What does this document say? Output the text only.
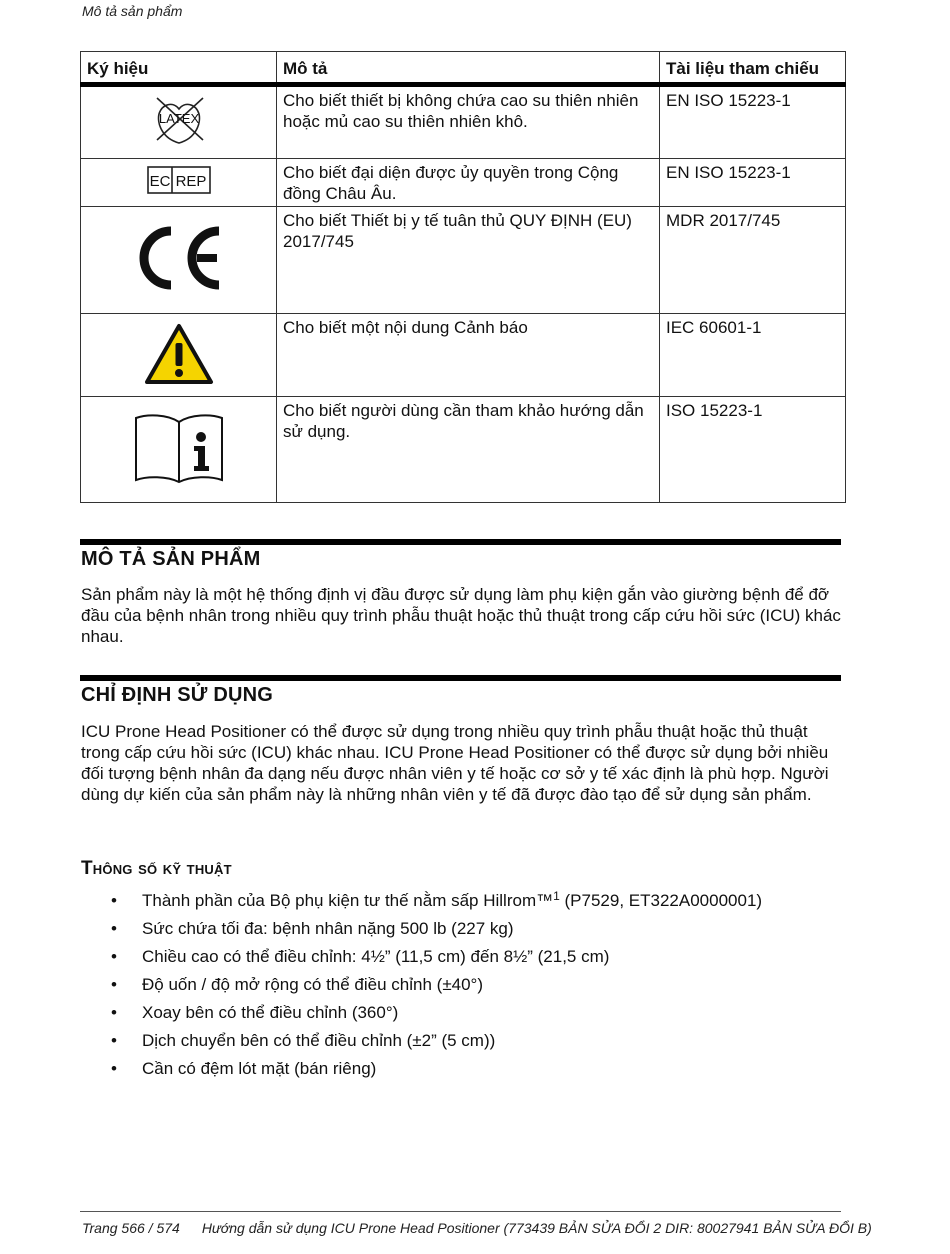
Mô tả sản phẩm
Ký hiệu	Mô tả	Tài liệu tham chiếu

LATEX	Cho biết thiết bị không chứa cao su thiên nhiên hoặc mủ cao su thiên nhiên khô.	EN ISO 15223-1

EC REP	Cho biết đại diện được ủy quyền trong Cộng đồng Châu Âu.	EN ISO 15223-1
	Cho biết Thiết bị y tế tuân thủ QUY ĐỊNH (EU) 2017/745	MDR 2017/745
	Cho biết một nội dung Cảnh báo	IEC 60601-1
	Cho biết người dùng cần tham khảo hướng dẫn sử dụng.	ISO 15223-1
MÔ TẢ SẢN PHẨM

Sản phẩm này là một hệ thống định vị đầu được sử dụng làm phụ kiện gắn vào giường bệnh để đỡ đầu của bệnh nhân trong nhiều quy trình phẫu thuật hoặc thủ thuật trong cấp cứu hồi sức (ICU) khác nhau.

CHỈ ĐỊNH SỬ DỤNG

ICU Prone Head Positioner có thể được sử dụng trong nhiều quy trình phẫu thuật hoặc thủ thuật trong cấp cứu hồi sức (ICU) khác nhau. ICU Prone Head Positioner có thể được sử dụng bởi nhiều đối tượng bệnh nhân đa dạng nếu được nhân viên y tế hoặc cơ sở y tế xác định là phù hợp. Người dùng dự kiến của sản phẩm này là những nhân viên y tế đã được đào tạo để sử dụng sản phẩm.

Thông số kỹ thuật
• Thành phần của Bộ phụ kiện tư thế nằm sấp Hillrom™$^1$ (P7529, ET322A0000001)
• Sức chứa tối đa: bệnh nhân nặng 500 lb (227 kg)
• Chiều cao có thể điều chỉnh: 4½” (11,5 cm) đến 8½” (21,5 cm)
• Độ uốn / độ mở rộng có thể điều chỉnh (±40°)
• Xoay bên có thể điều chỉnh (360°)
• Dịch chuyển bên có thể điều chỉnh (±2” (5 cm))
• Cần có đệm lót mặt (bán riêng)
Trang 566 / 574 Hướng dẫn sử dụng ICU Prone Head Positioner (773439 BẢN SỬA ĐỔI 2 DIR: 80027941 BẢN SỬA ĐỔI B)
